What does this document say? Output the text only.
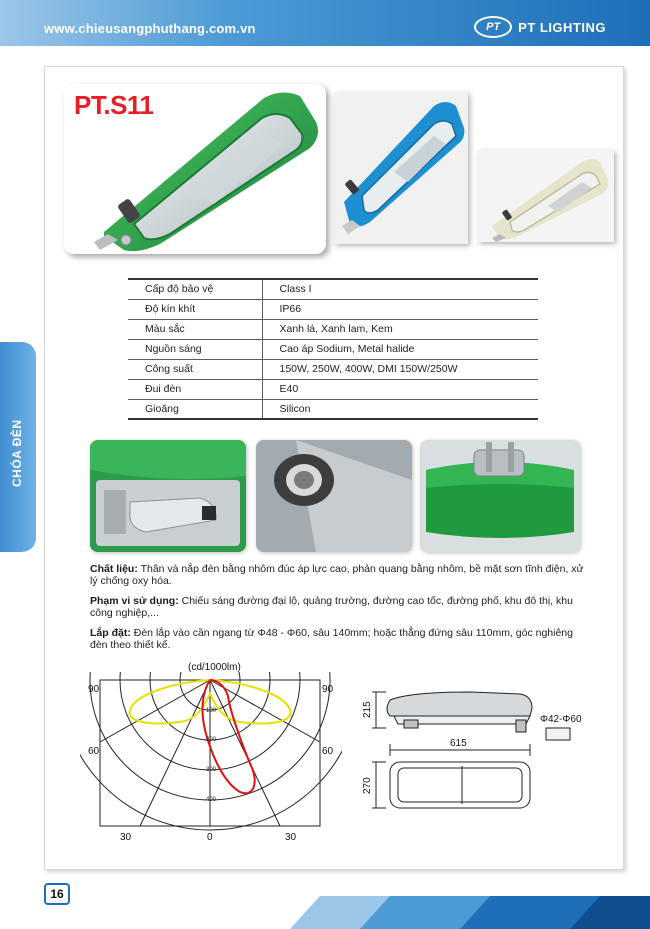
www.chieusangphuthang.com.vn	PT	PT LIGHTING
CHÓA ĐÈN
PT.S11
Cấp độ bảo vệ	Class I
Độ kín khít	IP66
Màu sắc	Xanh lá, Xanh lam, Kem
Nguồn sáng	Cao áp Sodium, Metal halide
Công suất	150W, 250W, 400W, DMI 150W/250W
Đui đèn	E40
Gioăng	Silicon
Chất liệu: Thân và nắp đèn bằng nhôm đúc áp lực cao, phản quang bằng nhôm, bề mặt sơn tĩnh điện, xử lý chống oxy hóa.
Phạm vi sử dụng: Chiếu sáng đường đại lộ, quảng trường, đường cao tốc, đường phố, khu đô thị, khu công nghiệp,...
Lắp đặt: Đèn lắp vào cần ngang từ Φ48 - Φ60, sâu 140mm; hoặc thẳng đứng sâu 110mm, góc nghiêng đèn theo thiết kế.
(cd/1000lm)
100
200
300
400
90	90
60	60
30	0	30
215
615
270
Φ42-Φ60
16
